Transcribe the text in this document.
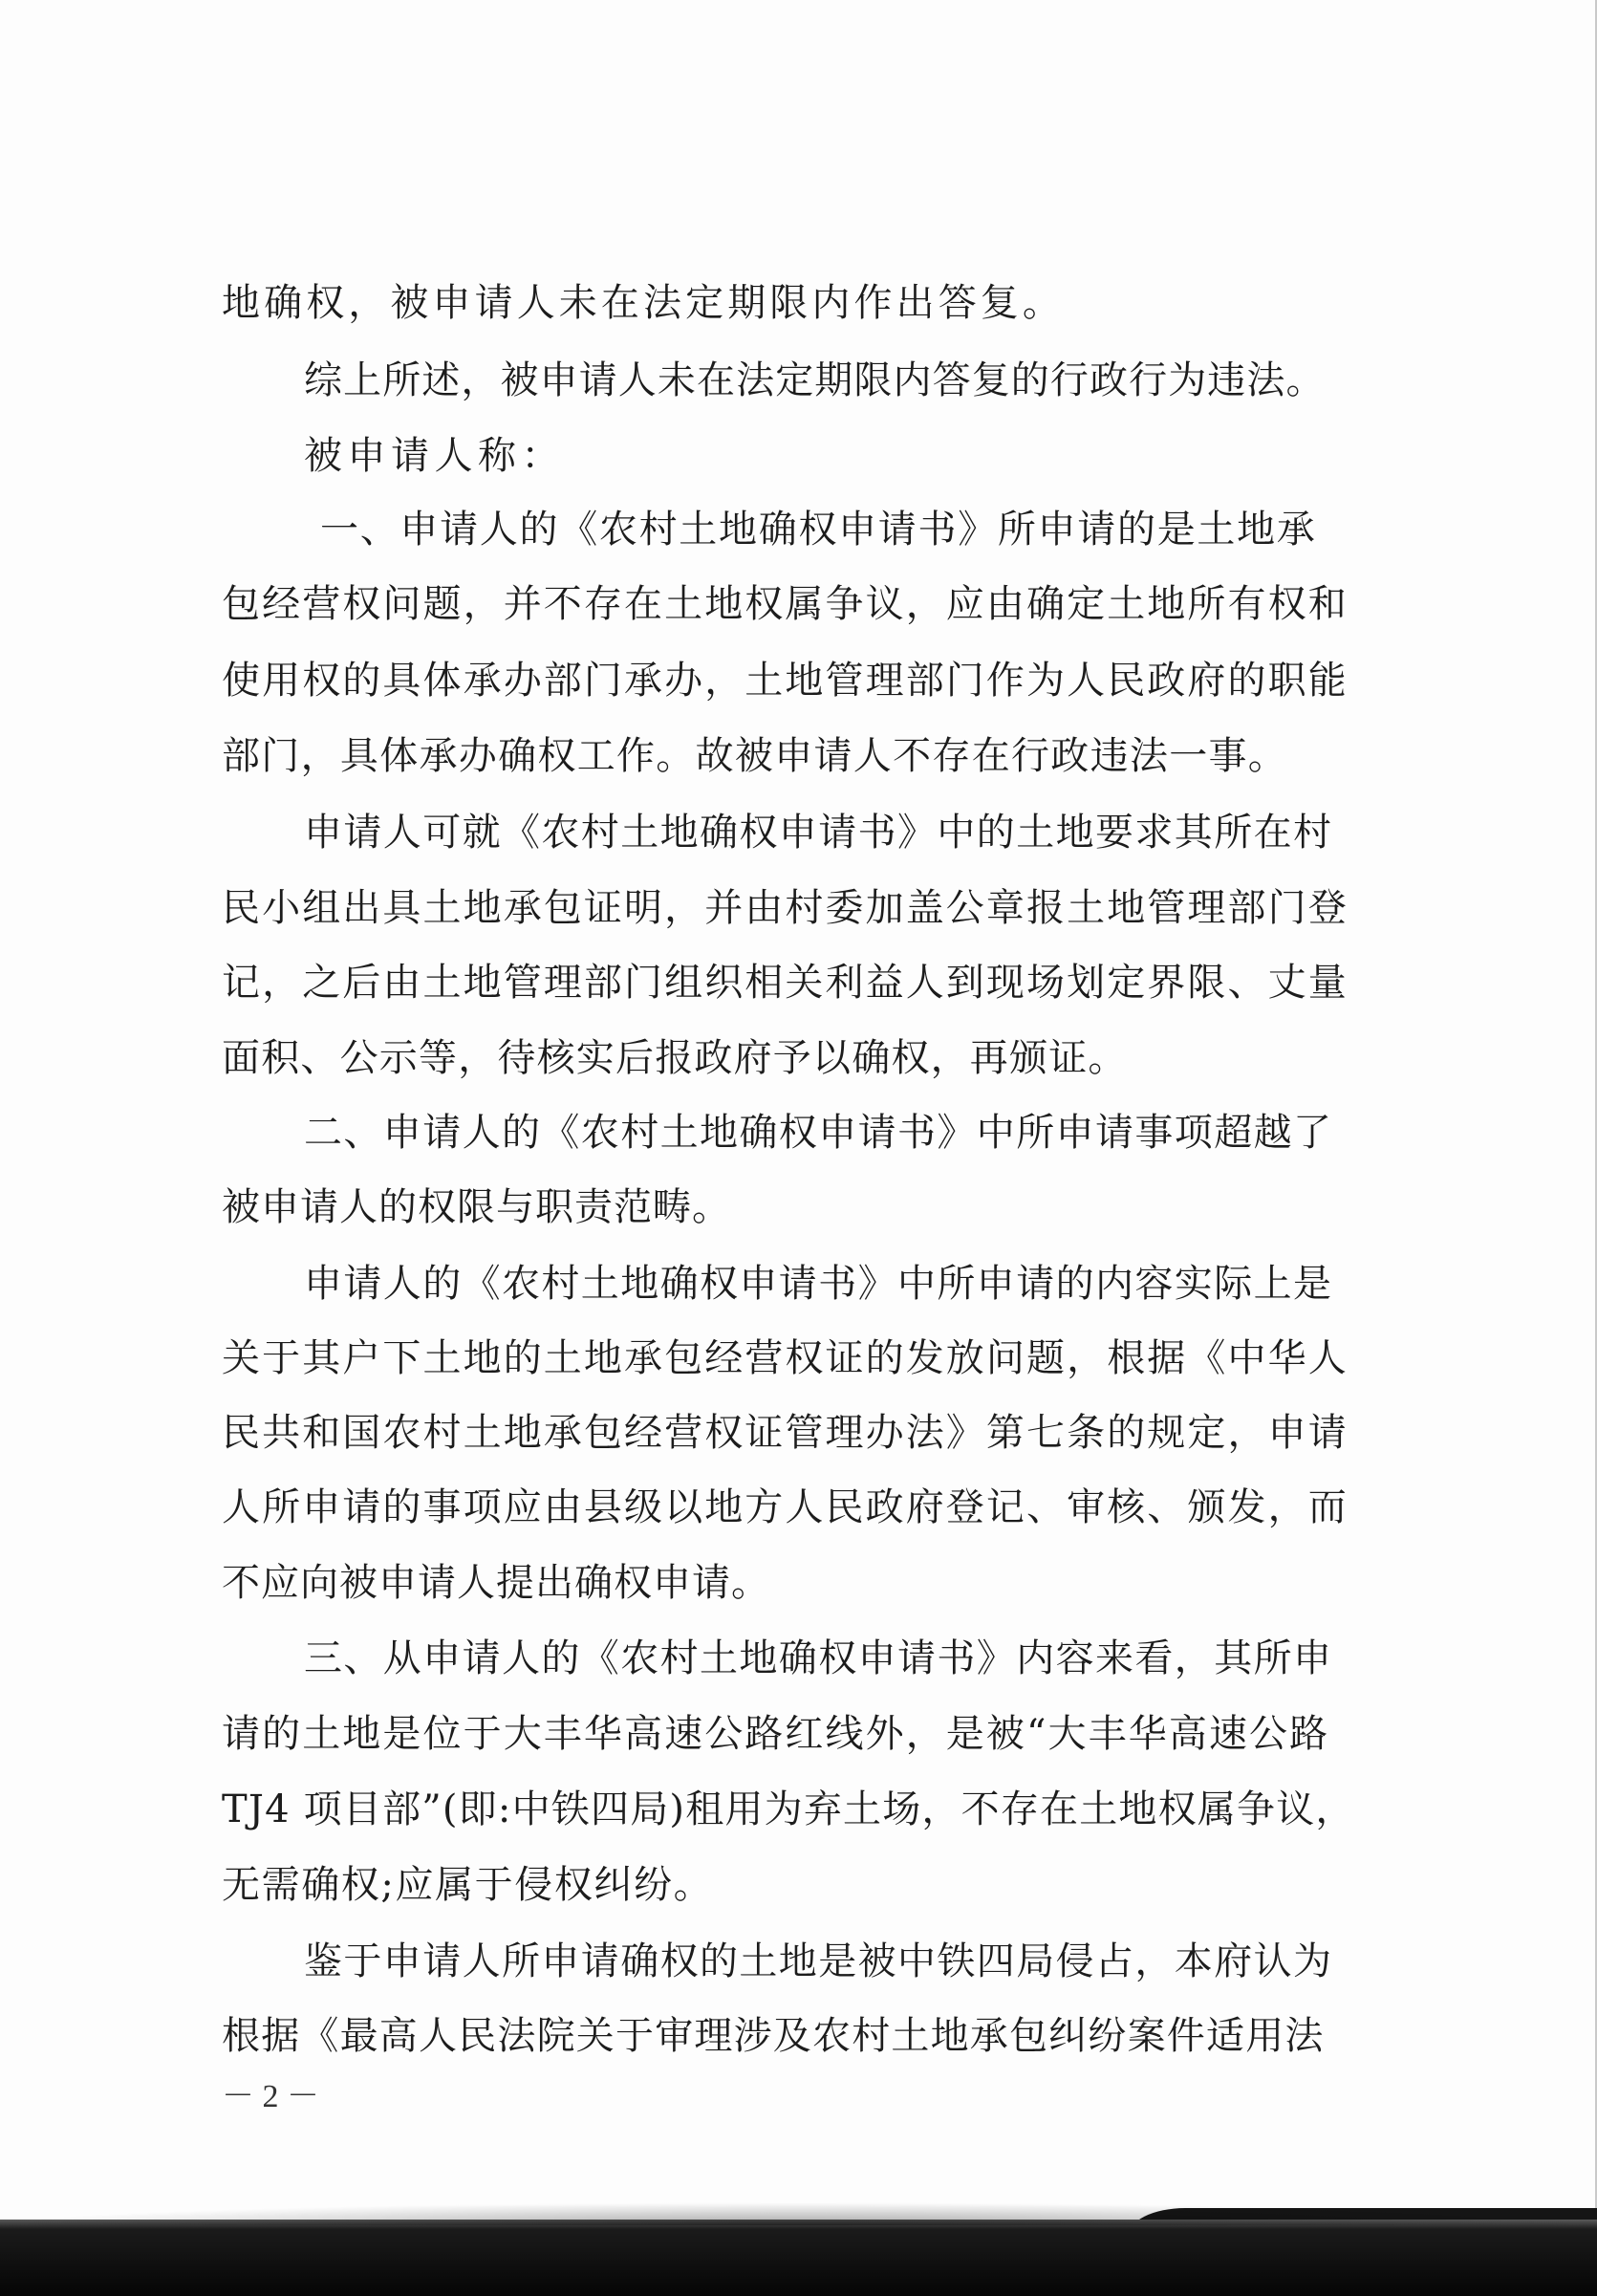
地确权，被申请人未在法定期限内作出答复。
综上所述，被申请人未在法定期限内答复的行政行为违法。
被申请人称：
一、申请人的《农村土地确权申请书》所申请的是土地承
包经营权问题，并不存在土地权属争议，应由确定土地所有权和
使用权的具体承办部门承办，土地管理部门作为人民政府的职能
部门，具体承办确权工作。故被申请人不存在行政违法一事。
申请人可就《农村土地确权申请书》中的土地要求其所在村
民小组出具土地承包证明，并由村委加盖公章报土地管理部门登
记，之后由土地管理部门组织相关利益人到现场划定界限、丈量
面积、公示等，待核实后报政府予以确权，再颁证。
二、申请人的《农村土地确权申请书》中所申请事项超越了
被申请人的权限与职责范畴。
申请人的《农村土地确权申请书》中所申请的内容实际上是
关于其户下土地的土地承包经营权证的发放问题，根据《中华人
民共和国农村土地承包经营权证管理办法》第七条的规定，申请
人所申请的事项应由县级以地方人民政府登记、审核、颁发，而
不应向被申请人提出确权申请。
三、从申请人的《农村土地确权申请书》内容来看，其所申
请的土地是位于大丰华高速公路红线外，是被“大丰华高速公路
TJ4 项目部”(即:中铁四局)租用为弃土场，不存在土地权属争议，
无需确权;应属于侵权纠纷。
鉴于申请人所申请确权的土地是被中铁四局侵占，本府认为
根据《最高人民法院关于审理涉及农村土地承包纠纷案件适用法
－ 2 －
